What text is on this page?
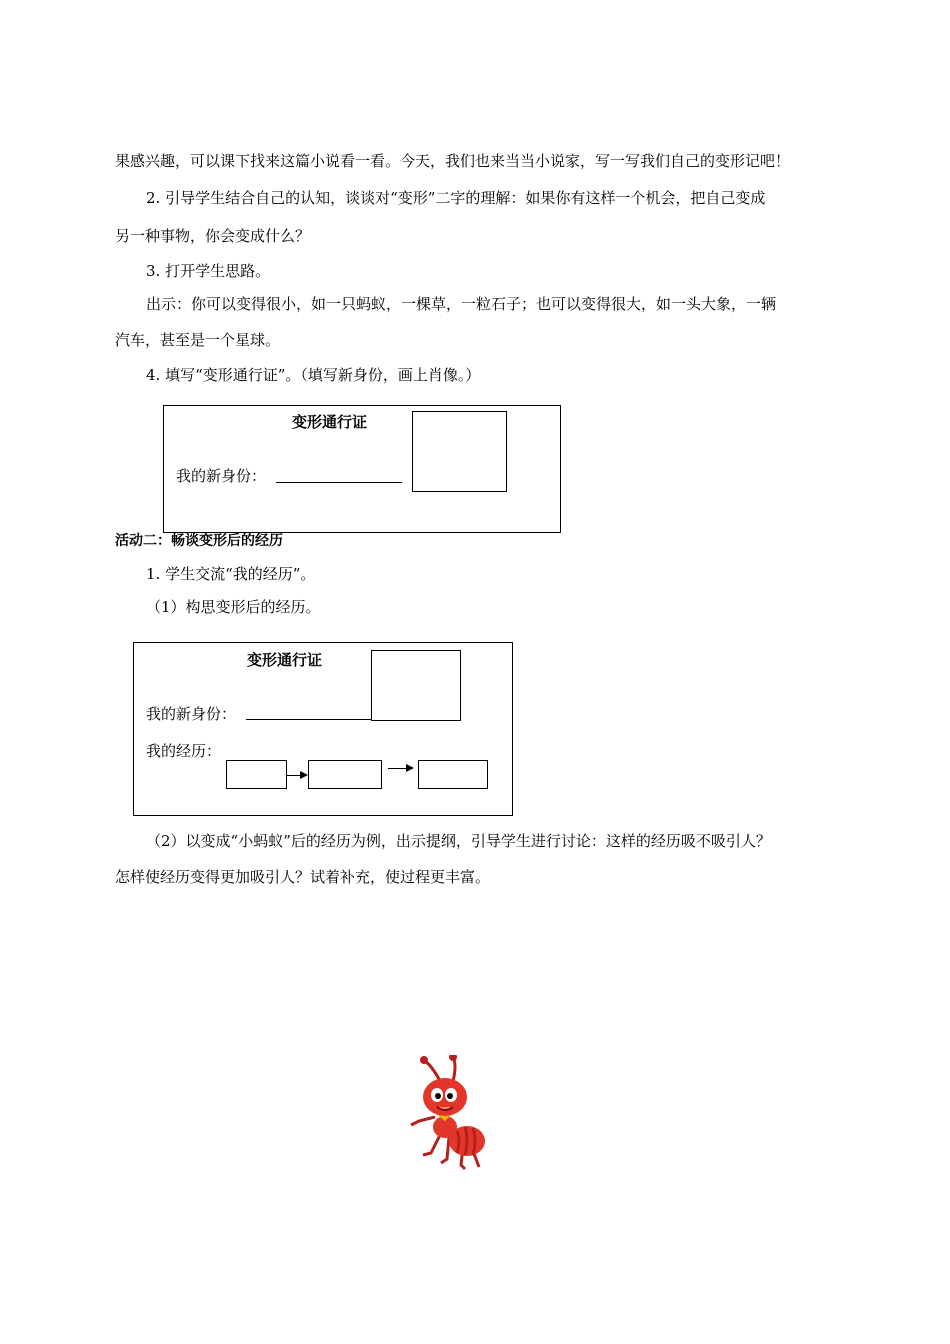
果感兴趣，可以课下找来这篇小说看一看。今天，我们也来当当小说家，写一写我们自己的变形记吧！
2. 引导学生结合自己的认知，谈谈对“变形”二字的理解：如果你有这样一个机会，把自己变成
另一种事物，你会变成什么？
3. 打开学生思路。
出示：你可以变得很小，如一只蚂蚁，一棵草，一粒石子；也可以变得很大，如一头大象，一辆
汽车，甚至是一个星球。
4. 填写“变形通行证”。（填写新身份，画上肖像。）
变形通行证
我的新身份：
活动二：畅谈变形后的经历
1. 学生交流“我的经历”。
（1）构思变形后的经历。
变形通行证
我的新身份：
我的经历：
（2）以变成“小蚂蚁”后的经历为例，出示提纲，引导学生进行讨论：这样的经历吸不吸引人？
怎样使经历变得更加吸引人？试着补充，使过程更丰富。
